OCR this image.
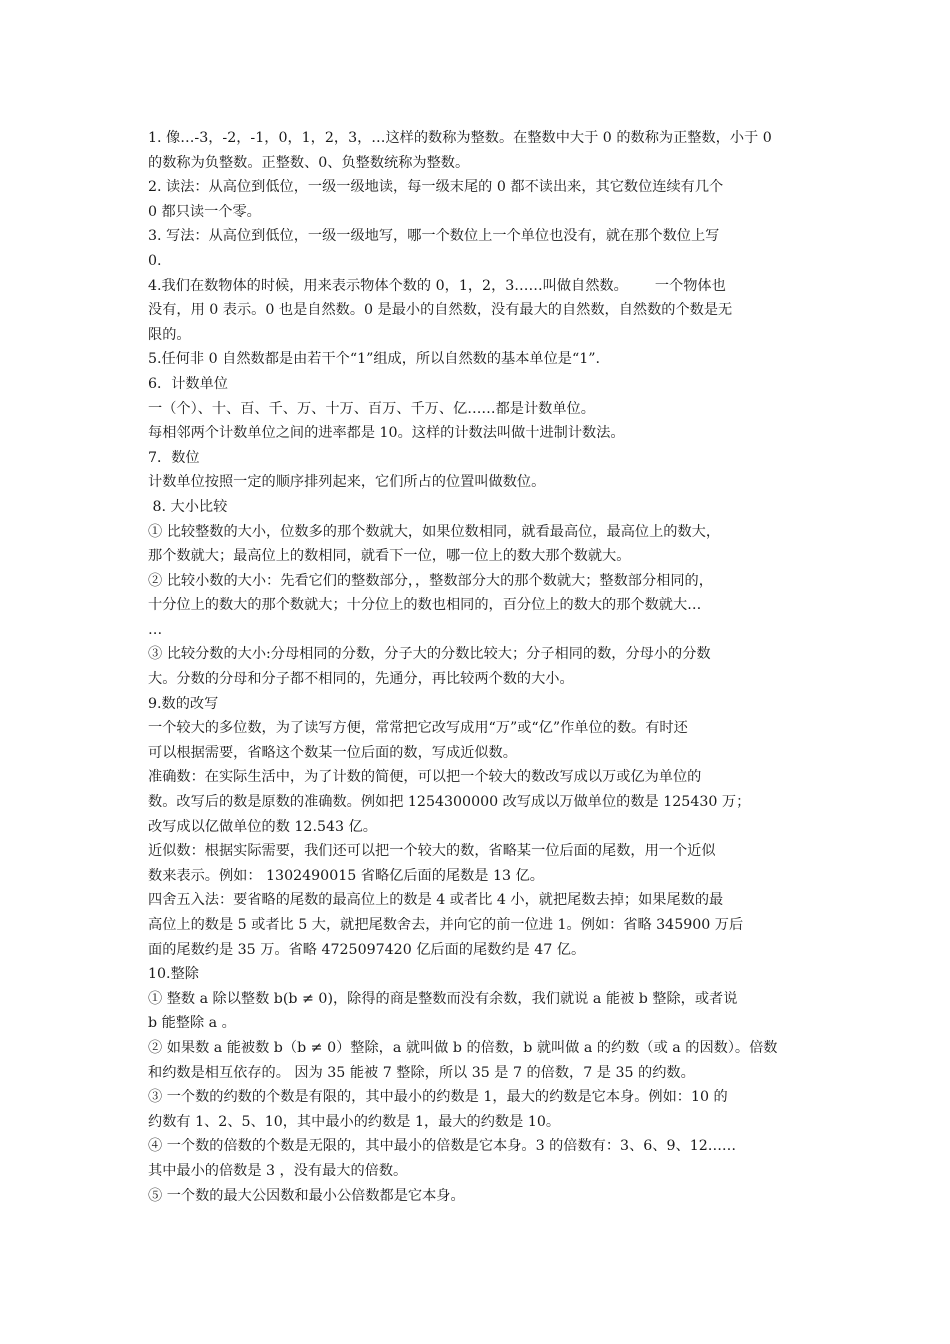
1. 像…-3，-2，-1，0，1，2，3，…这样的数称为整数。在整数中大于 0 的数称为正整数，小于 0
的数称为负整数。正整数、0、负整数统称为整数。
2. 读法：从高位到低位，一级一级地读，每一级末尾的 0 都不读出来，其它数位连续有几个
0 都只读一个零。
3. 写法：从高位到低位，一级一级地写，哪一个数位上一个单位也没有，就在那个数位上写
0.
4.我们在数物体的时候，用来表示物体个数的 0，1，2，3……叫做自然数。      一个物体也
没有，用 0 表示。0 也是自然数。0 是最小的自然数，没有最大的自然数，自然数的个数是无
限的。
5.任何非 0 自然数都是由若干个“1”组成，所以自然数的基本单位是“1”.
6．计数单位
一（个）、十、百、千、万、十万、百万、千万、亿……都是计数单位。
每相邻两个计数单位之间的进率都是 10。这样的计数法叫做十进制计数法。
7．数位
计数单位按照一定的顺序排列起来，它们所占的位置叫做数位。
8. 大小比较
① 比较整数的大小，位数多的那个数就大，如果位数相同，就看最高位，最高位上的数大，
那个数就大；最高位上的数相同，就看下一位，哪一位上的数大那个数就大。
② 比较小数的大小：先看它们的整数部分，，整数部分大的那个数就大；整数部分相同的，
十分位上的数大的那个数就大；十分位上的数也相同的，百分位上的数大的那个数就大…
…
③ 比较分数的大小:分母相同的分数，分子大的分数比较大；分子相同的数，分母小的分数
大。分数的分母和分子都不相同的，先通分，再比较两个数的大小。
9.数的改写
一个较大的多位数，为了读写方便，常常把它改写成用“万”或“亿”作单位的数。有时还
可以根据需要，省略这个数某一位后面的数，写成近似数。
准确数：在实际生活中，为了计数的简便，可以把一个较大的数改写成以万或亿为单位的
数。改写后的数是原数的准确数。例如把 1254300000 改写成以万做单位的数是 125430 万；
改写成以亿做单位的数 12.543 亿。
近似数：根据实际需要，我们还可以把一个较大的数，省略某一位后面的尾数，用一个近似
数来表示。例如： 1302490015 省略亿后面的尾数是 13 亿。
四舍五入法：要省略的尾数的最高位上的数是 4 或者比 4 小，就把尾数去掉；如果尾数的最
高位上的数是 5 或者比 5 大，就把尾数舍去，并向它的前一位进 1。例如：省略 345900 万后
面的尾数约是 35 万。省略 4725097420 亿后面的尾数约是 47 亿。
10.整除
① 整数 a 除以整数 b(b ≠ 0)，除得的商是整数而没有余数，我们就说 a 能被 b 整除，或者说
b 能整除 a 。
② 如果数 a 能被数 b（b ≠ 0）整除，a 就叫做 b 的倍数，b 就叫做 a 的约数（或 a 的因数）。倍数
和约数是相互依存的。 因为 35 能被 7 整除，所以 35 是 7 的倍数，7 是 35 的约数。
③ 一个数的约数的个数是有限的，其中最小的约数是 1，最大的约数是它本身。例如：10 的
约数有 1、2、5、10，其中最小的约数是 1，最大的约数是 10。
④ 一个数的倍数的个数是无限的，其中最小的倍数是它本身。3 的倍数有：3、6、9、12……
其中最小的倍数是 3 ，没有最大的倍数。
⑤ 一个数的最大公因数和最小公倍数都是它本身。
